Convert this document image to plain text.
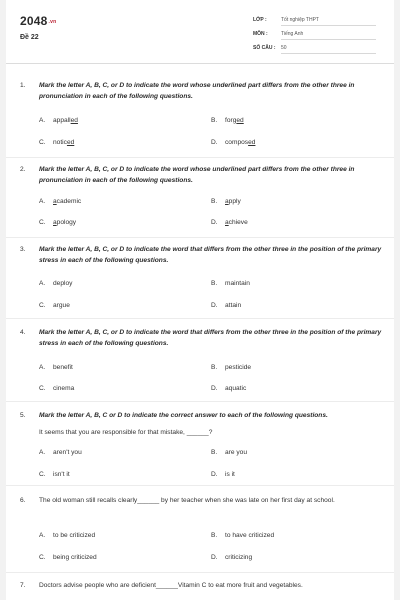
2048.vn
Đề 22
LỚP :	Tốt nghiệp THPT
MÔN :	Tiếng Anh
SỐ CÂU : 50
1. Mark the letter A, B, C, or D to indicate the word whose underlined part differs from the other three in pronunciation in each of the following questions.
A. appalled	B. forged
C. noticed	D. composed
2. Mark the letter A, B, C, or D to indicate the word whose underlined part differs from the other three in pronunciation in each of the following questions.
A. academic	B. apply
C. apology	D. achieve
3. Mark the letter A, B, C, or D to indicate the word that differs from the other three in the position of the primary stress in each of the following questions.
A. deploy	B. maintain
C. argue	D. attain
4. Mark the letter A, B, C, or D to indicate the word that differs from the other three in the position of the primary stress in each of the following questions.
A. benefit	B. pesticide
C. cinema	D. aquatic
5. Mark the letter A, B, C or D to indicate the correct answer to each of the following questions.
It seems that you are responsible for that mistake, ______?
A. aren't you	B. are you
C. isn't it	D. is it
6. The old woman still recalls clearly______ by her teacher when she was late on her first day at school.
A. to be criticized	B. to have criticized
C. being criticized	D. criticizing
7. Doctors advise people who are deficient______Vitamin C to eat more fruit and vegetables.
